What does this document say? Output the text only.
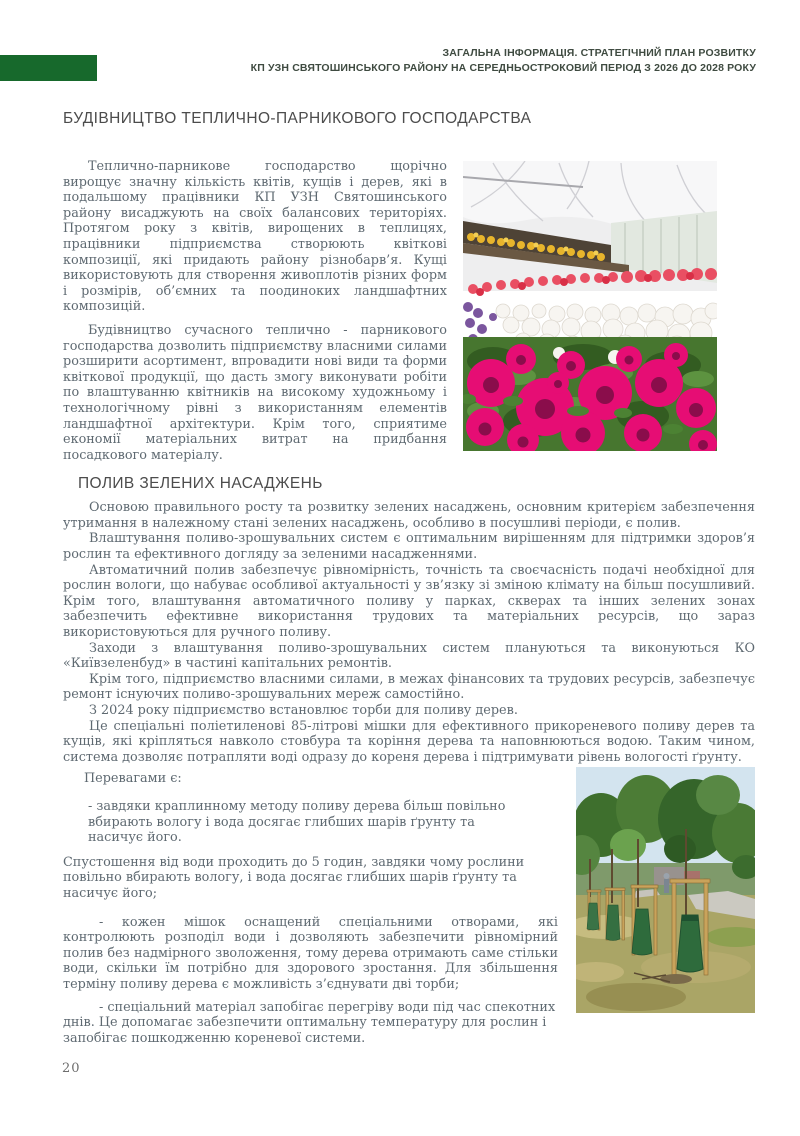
ЗАГАЛЬНА ІНФОРМАЦІЯ. СТРАТЕГІЧНИЙ ПЛАН РОЗВИТКУ
КП УЗН СВЯТОШИНСЬКОГО РАЙОНУ НА СЕРЕДНЬОСТРОКОВИЙ ПЕРІОД З 2026 ДО 2028 РОКУ
БУДІВНИЦТВО ТЕПЛИЧНО-ПАРНИКОВОГО ГОСПОДАРСТВА

Теплично-парникове господарство щорічно вирощує значну кількість квітів, кущів і дерев, які в подальшому працівники КП УЗН Святошинського району висаджують на своїх балансових територіях. Протягом року з квітів, вирощених в теплицях, працівники підприємства створюють квіткові композиції, які придають району різнобарв’я. Кущі використовують для створення живоплотів різних форм і розмірів, об’ємних та поодиноких ландшафтних композицій.

Будівництво сучасного теплично - парникового господарства дозволить підприємству власними силами розширити асортимент, впровадити нові види та форми квіткової продукції, що дасть змогу виконувати робіти по влаштуванню квітників на високому художньому і технологічному рівні з використанням елементів ландшафтної архітектури. Крім того, сприятиме економії матеріальних витрат на придбання посадкового матеріалу.

ПОЛИВ ЗЕЛЕНИХ НАСАДЖЕНЬ

Основою правильного росту та розвитку зелених насаджень, основним критерієм забезпечення утримання в належному стані зелених насаджень, особливо в посушливі періоди, є полив.

Влаштування поливо-зрошувальних систем є оптимальним вирішенням для підтримки здоров’я рослин та ефективного догляду за зеленими насадженнями.

Автоматичний полив забезпечує рівномірність, точність та своєчасність подачі необхідної для рослин вологи, що набуває особливої актуальності у зв’язку зі зміною клімату на більш посушливий. Крім того, влаштування автоматичного поливу у парках, скверах та інших зелених зонах забезпечить ефективне використання трудових та матеріальних ресурсів, що зараз використовуються для ручного поливу.

Заходи з влаштування поливо-зрошувальних систем плануються та виконуються КО «Київзеленбуд» в частині капітальних ремонтів.

Крім того, підприємство власними силами, в межах фінансових та трудових ресурсів, забезпечує ремонт існуючих поливо-зрошувальних мереж самостійно.

З 2024 року підприємство встановлює торби для поливу дерев.

Це спеціальні поліетиленові 85-літрові мішки для ефективного прикореневого поливу дерев та кущів, які кріпляться навколо стовбура та коріння дерева та наповнюються водою. Таким чином, система дозволяє потрапляти воді одразу до кореня дерева і підтримувати рівень вологості ґрунту.

Перевагами є:

- завдяки краплинному методу поливу дерева більш повільно вбирають вологу і вода досягає глибших шарів ґрунту та насичує його.

Спустошення від води проходить до 5 годин, завдяки чому рослини повільно вбирають вологу, і вода досягає глибших шарів ґрунту та насичує його;

- кожен мішок оснащений спеціальними отворами, які контролюють розподіл води і дозволяють забезпечити рівномірний полив без надмірного зволоження, тому дерева отримають саме стільки води, скільки їм потрібно для здорового зростання. Для збільшення терміну поливу дерева є можливість з’єднувати дві торби;

- спеціальний матеріал запобігає перегріву води під час спекотних днів. Це допомагає забезпечити оптимальну температуру для рослин і запобігає пошкодженню кореневої системи.

20
